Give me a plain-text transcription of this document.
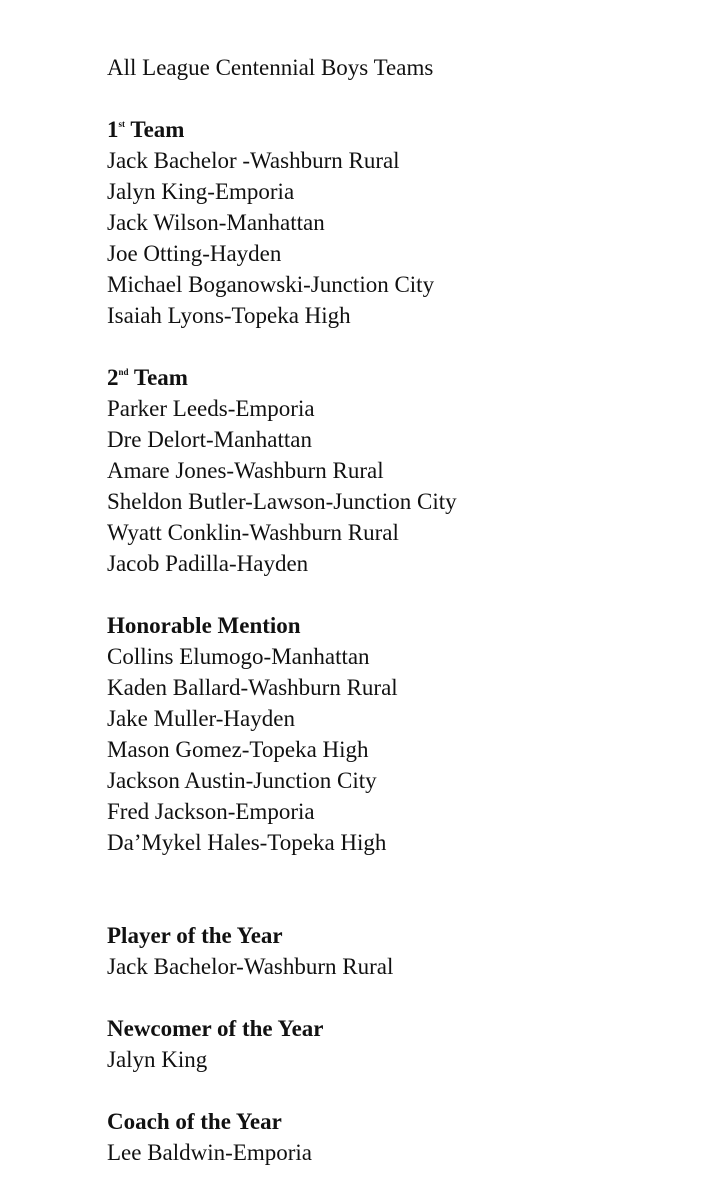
All League Centennial Boys Teams
1st Team
Jack Bachelor -Washburn Rural
Jalyn King-Emporia
Jack Wilson-Manhattan
Joe Otting-Hayden
Michael Boganowski-Junction City
Isaiah Lyons-Topeka High
2nd Team
Parker Leeds-Emporia
Dre Delort-Manhattan
Amare Jones-Washburn Rural
Sheldon Butler-Lawson-Junction City
Wyatt Conklin-Washburn Rural
Jacob Padilla-Hayden
Honorable Mention
Collins Elumogo-Manhattan
Kaden Ballard-Washburn Rural
Jake Muller-Hayden
Mason Gomez-Topeka High
Jackson Austin-Junction City
Fred Jackson-Emporia
Da’Mykel Hales-Topeka High
Player of the Year
Jack Bachelor-Washburn Rural
Newcomer of the Year
Jalyn King
Coach of the Year
Lee Baldwin-Emporia
